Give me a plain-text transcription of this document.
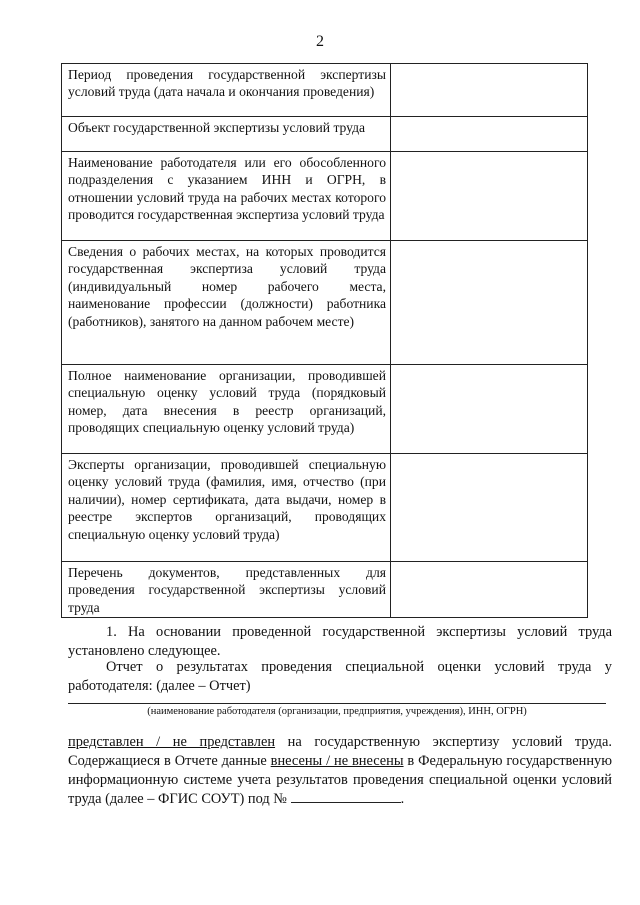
2
Период проведения государственной экспертизы условий труда (дата начала и окончания проведения)	
Объект государственной экспертизы условий труда	
Наименование работодателя или его обособленного подразделения с указанием ИНН и ОГРН, в отношении условий труда на рабочих местах которого проводится государственная экспертиза условий труда	
Сведения о рабочих местах, на которых проводится государственная экспертиза условий труда (индивидуальный номер рабочего места, наименование профессии (должности) работника (работников), занятого на данном рабочем месте)	
Полное наименование организации, проводившей специальную оценку условий труда (порядковый номер, дата внесения в реестр организаций, проводящих специальную оценку условий труда)	
Эксперты организации, проводившей специальную оценку условий труда (фамилия, имя, отчество (при наличии), номер сертификата, дата выдачи, номер в реестре экспертов организаций, проводящих специальную оценку условий труда)	
Перечень документов, представленных для проведения государственной экспертизы условий труда	
1. На основании проведенной государственной экспертизы условий труда установлено следующее.
Отчет о результатах проведения специальной оценки условий труда у работодателя: (далее – Отчет)
(наименование работодателя (организации, предприятия, учреждения), ИНН, ОГРН)
представлен / не представлен на государственную экспертизу условий труда. Содержащиеся в Отчете данные внесены / не внесены в Федеральную государственную информационную системе учета результатов проведения специальной оценки условий труда (далее – ФГИС СОУТ) под №	.
